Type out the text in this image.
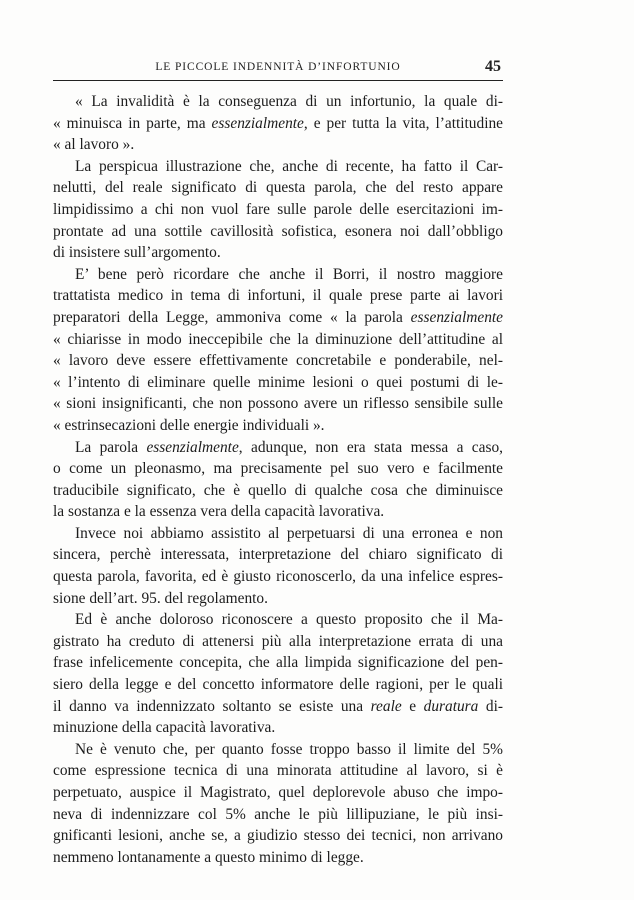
LE PICCOLE INDENNITÀ D’INFORTUNIO	45
« La invalidità è la conseguenza di un infortunio, la quale di-
« minuisca in parte, ma essenzialmente, e per tutta la vita, l’attitudine
« al lavoro ».
La perspicua illustrazione che, anche di recente, ha fatto il Car-
nelutti, del reale significato di questa parola, che del resto appare
limpidissimo a chi non vuol fare sulle parole delle esercitazioni im-
prontate ad una sottile cavillosità sofistica, esonera noi dall’obbligo
di insistere sull’argomento.
E’ bene però ricordare che anche il Borri, il nostro maggiore
trattatista medico in tema di infortuni, il quale prese parte ai lavori
preparatori della Legge, ammoniva come « la parola essenzialmente
« chiarisse in modo ineccepibile che la diminuzione dell’attitudine al
« lavoro deve essere effettivamente concretabile e ponderabile, nel-
« l’intento di eliminare quelle minime lesioni o quei postumi di le-
« sioni insignificanti, che non possono avere un riflesso sensibile sulle
« estrinsecazioni delle energie individuali ».
La parola essenzialmente, adunque, non era stata messa a caso,
o come un pleonasmo, ma precisamente pel suo vero e facilmente
traducibile significato, che è quello di qualche cosa che diminuisce
la sostanza e la essenza vera della capacità lavorativa.
Invece noi abbiamo assistito al perpetuarsi di una erronea e non
sincera, perchè interessata, interpretazione del chiaro significato di
questa parola, favorita, ed è giusto riconoscerlo, da una infelice espres-
sione dell’art. 95. del regolamento.
Ed è anche doloroso riconoscere a questo proposito che il Ma-
gistrato ha creduto di attenersi più alla interpretazione errata di una
frase infelicemente concepita, che alla limpida significazione del pen-
siero della legge e del concetto informatore delle ragioni, per le quali
il danno va indennizzato soltanto se esiste una reale e duratura di-
minuzione della capacità lavorativa.
Ne è venuto che, per quanto fosse troppo basso il limite del 5%
come espressione tecnica di una minorata attitudine al lavoro, si è
perpetuato, auspice il Magistrato, quel deplorevole abuso che impo-
neva di indennizzare col 5% anche le più lillipuziane, le più insi-
gnificanti lesioni, anche se, a giudizio stesso dei tecnici, non arrivano
nemmeno lontanamente a questo minimo di legge.
